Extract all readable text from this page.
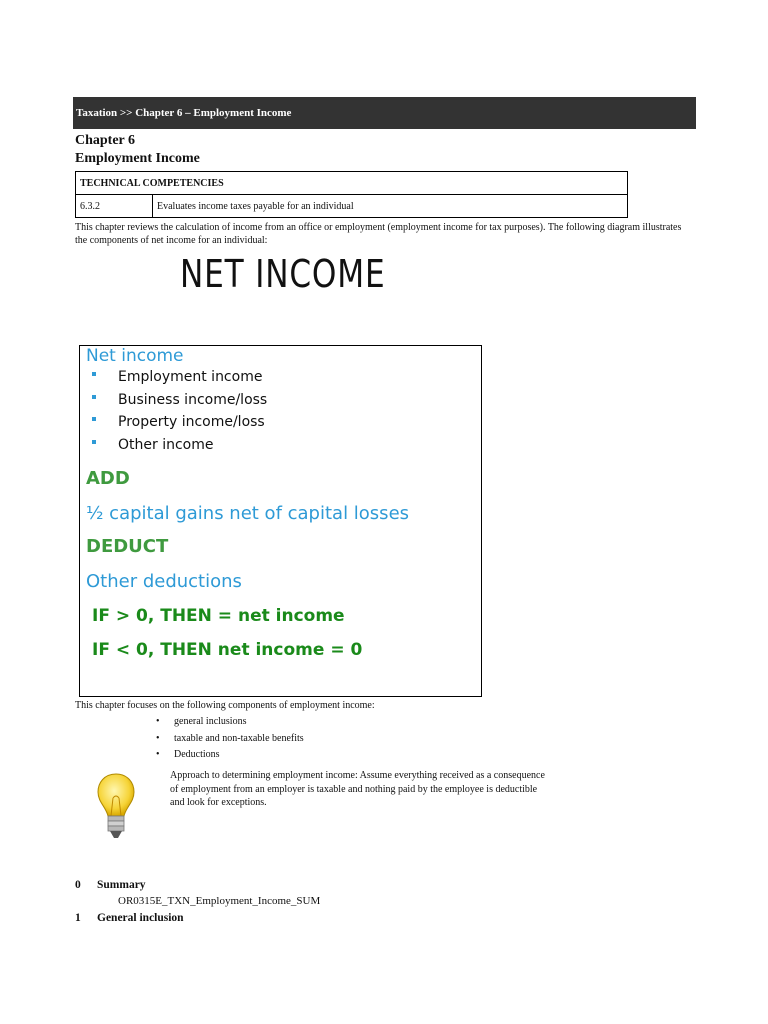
Taxation >> Chapter 6 – Employment Income
Chapter 6
Employment Income
TECHNICAL COMPETENCIES
6.3.2	Evaluates income taxes payable for an individual
This chapter reviews the calculation of income from an office or employment (employment income for tax purposes). The following diagram illustrates the components of net income for an individual:
NET INCOME
Net income
Employment income
Business income/loss
Property income/loss
Other income
ADD
½ capital gains net of capital losses
DEDUCT
Other deductions
IF > 0, THEN = net income
IF < 0, THEN net income = 0
This chapter focuses on the following components of employment income:
• general inclusions
• taxable and non-taxable benefits
• Deductions
Approach to determining employment income: Assume everything received as a consequence of employment from an employer is taxable and nothing paid by the employee is deductible and look for exceptions.
0 Summary
OR0315E_TXN_Employment_Income_SUM
1 General inclusion
